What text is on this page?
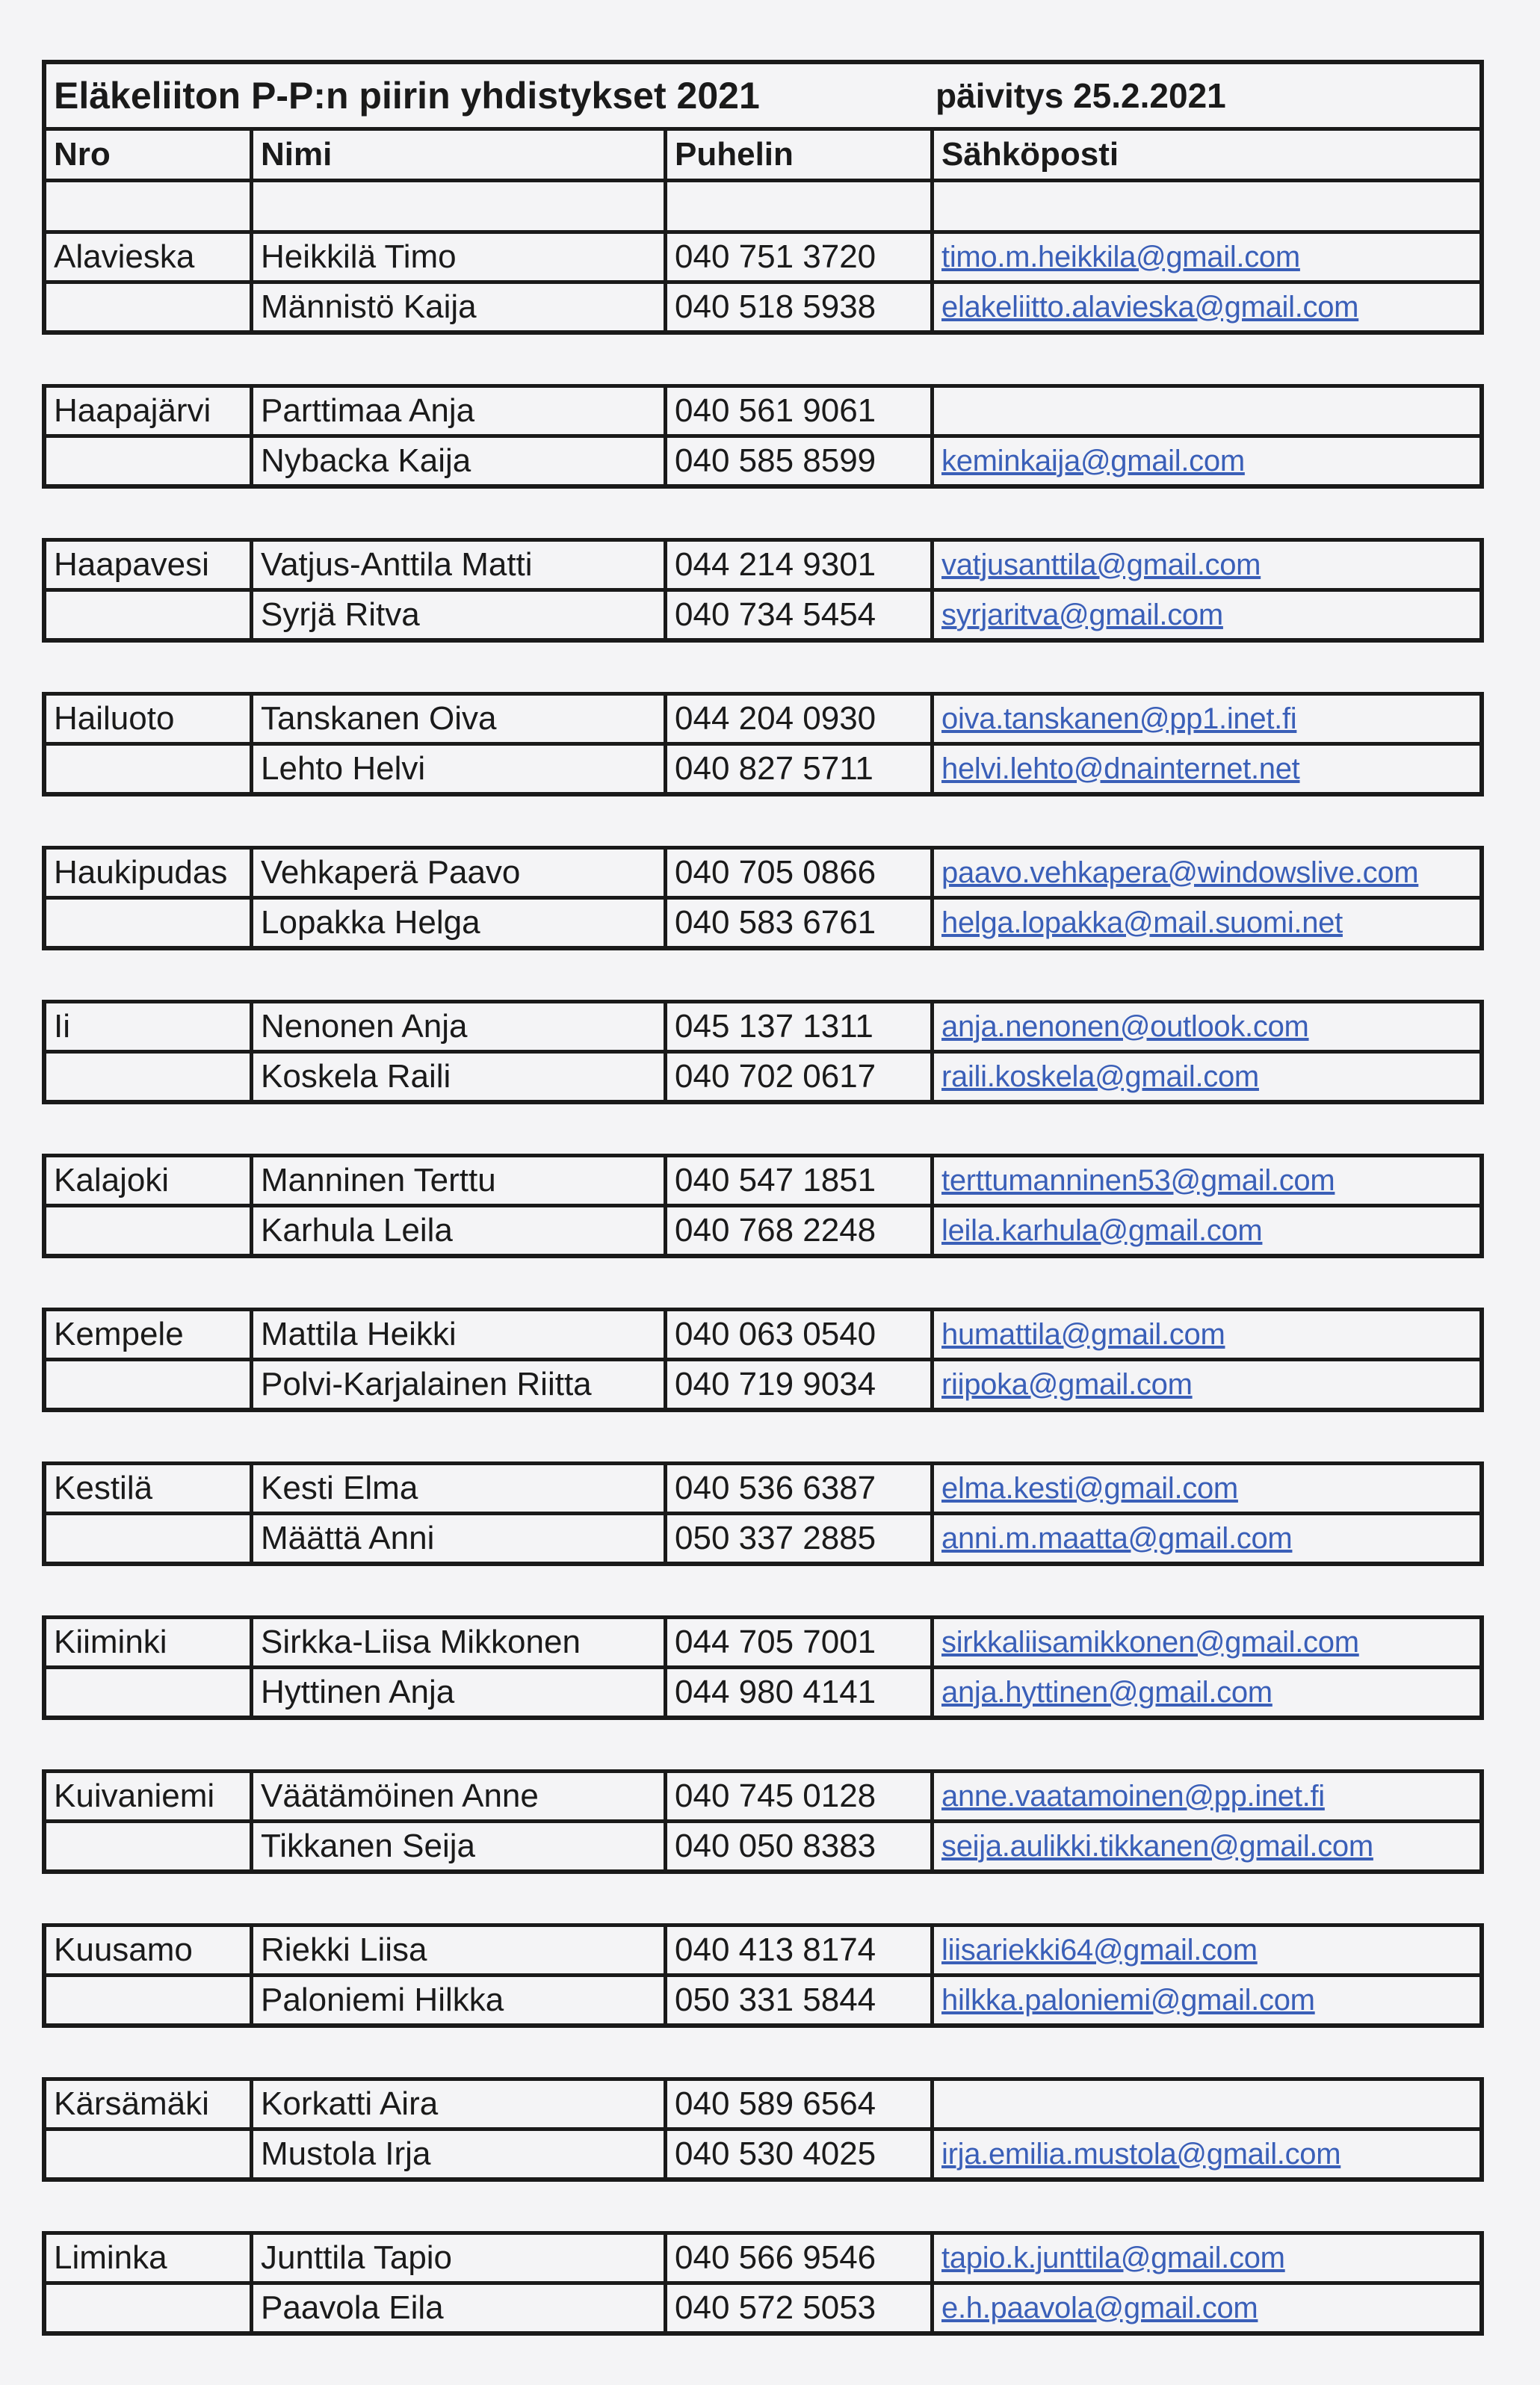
Eläkeliiton P-P:n piirin yhdistykset 2021	päivitys 25.2.2021
Nro	Nimi	Puhelin	Sähköposti
Alavieska	Heikkilä Timo	040 751 3720	timo.m.heikkila@gmail.com
Männistö Kaija	040 518 5938	elakeliitto.alavieska@gmail.com
Haapajärvi	Parttimaa Anja	040 561 9061
Nybacka Kaija	040 585 8599	keminkaija@gmail.com
Haapavesi	Vatjus-Anttila Matti	044 214 9301	vatjusanttila@gmail.com
Syrjä Ritva	040 734 5454	syrjaritva@gmail.com
Hailuoto	Tanskanen Oiva	044 204 0930	oiva.tanskanen@pp1.inet.fi
Lehto Helvi	040 827 5711	helvi.lehto@dnainternet.net
Haukipudas	Vehkaperä Paavo	040 705 0866	paavo.vehkapera@windowslive.com
Lopakka Helga	040 583 6761	helga.lopakka@mail.suomi.net
Ii	Nenonen Anja	045 137 1311	anja.nenonen@outlook.com
Koskela Raili	040 702 0617	raili.koskela@gmail.com
Kalajoki	Manninen Terttu	040 547 1851	terttumanninen53@gmail.com
Karhula Leila	040 768 2248	leila.karhula@gmail.com
Kempele	Mattila Heikki	040 063 0540	humattila@gmail.com
Polvi-Karjalainen Riitta	040 719 9034	riipoka@gmail.com
Kestilä	Kesti Elma	040 536 6387	elma.kesti@gmail.com
Määttä Anni	050 337 2885	anni.m.maatta@gmail.com
Kiiminki	Sirkka-Liisa Mikkonen	044 705 7001	sirkkaliisamikkonen@gmail.com
Hyttinen Anja	044 980 4141	anja.hyttinen@gmail.com
Kuivaniemi	Väätämöinen Anne	040 745 0128	anne.vaatamoinen@pp.inet.fi
Tikkanen Seija	040 050 8383	seija.aulikki.tikkanen@gmail.com
Kuusamo	Riekki Liisa	040 413 8174	liisariekki64@gmail.com
Paloniemi Hilkka	050 331 5844	hilkka.paloniemi@gmail.com
Kärsämäki	Korkatti Aira	040 589 6564
Mustola Irja	040 530 4025	irja.emilia.mustola@gmail.com
Liminka	Junttila Tapio	040 566 9546	tapio.k.junttila@gmail.com
Paavola Eila	040 572 5053	e.h.paavola@gmail.com
